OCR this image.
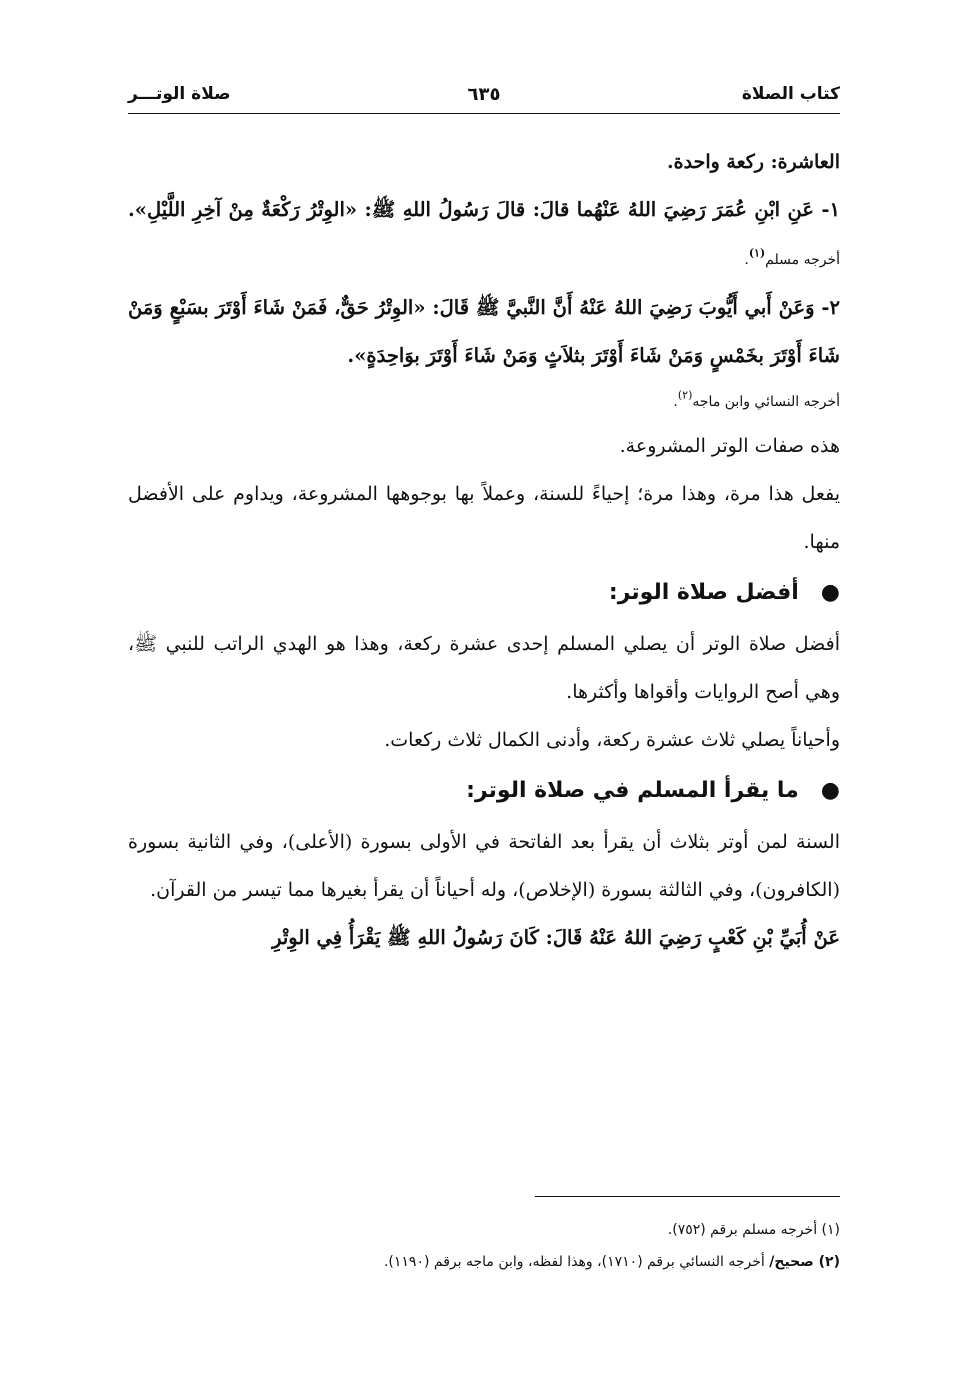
كتاب الصلاة
٦٣٥
صلاة الوتـــر

العاشرة: ركعة واحدة.

١- عَنِ ابْنِ عُمَرَ رَضِيَ اللهُ عَنْهُما قالَ: قالَ رَسُولُ اللهِ ﷺ: «الوِتْرُ رَكْعَةٌ مِنْ آخِرِ اللَّيْلِ». أخرجه مسلم$^{(١)}$.

٢- وَعَنْ أَبي أَيُّوبَ رَضِيَ اللهُ عَنْهُ أَنَّ النَّبيَّ ﷺ قَالَ: «الوِتْرُ حَقٌّ، فَمَنْ شَاءَ أَوْتَرَ بسَبْعٍ وَمَنْ شَاءَ أَوْتَرَ بخَمْسٍ وَمَنْ شَاءَ أَوْتَرَ بثلاَثٍ وَمَنْ شَاءَ أَوْتَرَ بوَاحِدَةٍ».

أخرجه النسائي وابن ماجه$^{(٢)}$.

هذه صفات الوتر المشروعة.

يفعل هذا مرة، وهذا مرة؛ إحياءً للسنة، وعملاً بها بوجوهها المشروعة، ويداوم على الأفضل منها.

●أفضل صلاة الوتر:

أفضل صلاة الوتر أن يصلي المسلم إحدى عشرة ركعة، وهذا هو الهدي الراتب للنبي ﷺ، وهي أصح الروايات وأقواها وأكثرها.

وأحياناً يصلي ثلاث عشرة ركعة، وأدنى الكمال ثلاث ركعات.

●ما يقرأ المسلم في صلاة الوتر:

السنة لمن أوتر بثلاث أن يقرأ بعد الفاتحة في الأولى بسورة (الأعلى)، وفي الثانية بسورة (الكافرون)، وفي الثالثة بسورة (الإخلاص)، وله أحياناً أن يقرأ بغيرها مما تيسر من القرآن.

عَنْ أُبَيِّ بْنِ كَعْبٍ رَضِيَ اللهُ عَنْهُ قَالَ: كَانَ رَسُولُ اللهِ ﷺ يَقْرَأُ فِي الوِتْرِ

(١) أخرجه مسلم برقم (٧٥٢).

(٢) صحيح/ أخرجه النسائي برقم (١٧١٠)، وهذا لفظه، وابن ماجه برقم (١١٩٠).
